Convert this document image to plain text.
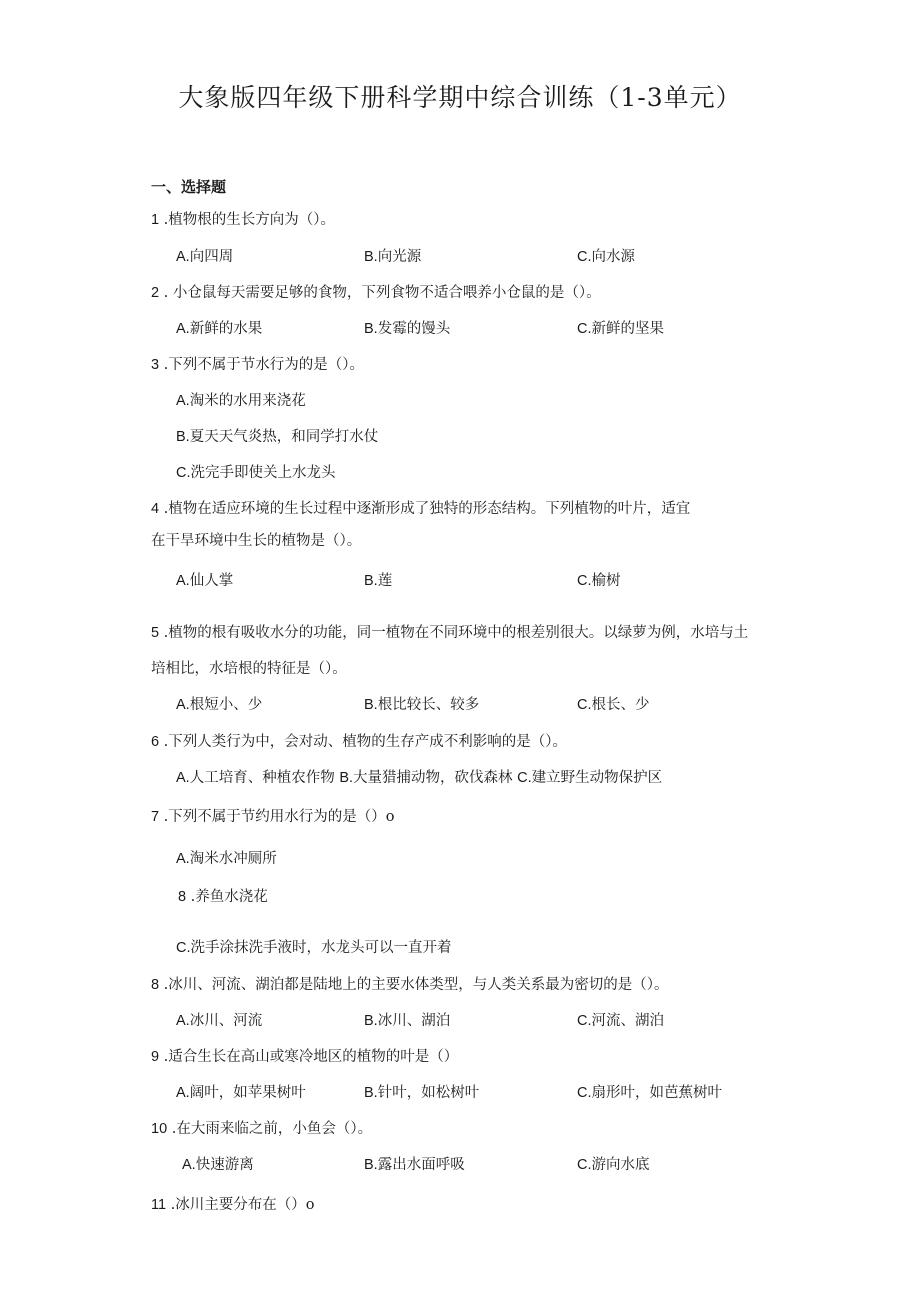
大象版四年级下册科学期中综合训练（1-3单元）
一、选择题
1 .植物根的生长方向为（）。
A.向四周	B.向光源	C.向水源
2 . 小仓鼠每天需要足够的食物，下列食物不适合喂养小仓鼠的是（）。
A.新鲜的水果	B.发霉的馒头	C.新鲜的坚果
3 .下列不属于节水行为的是（）。
A.淘米的水用来浇花
B.夏天天气炎热，和同学打水仗
C.洗完手即使关上水龙头
4 .植物在适应环境的生长过程中逐渐形成了独特的形态结构。下列植物的叶片，适宜
在干旱环境中生长的植物是（）。
A.仙人掌	B.莲	C.榆树
5 .植物的根有吸收水分的功能，同一植物在不同环境中的根差别很大。以绿萝为例，水培与土
培相比，水培根的特征是（）。
A.根短小、少	B.根比较长、较多	C.根长、少
6 .下列人类行为中，会对动、植物的生存产成不利影响的是（）。
A.人工培育、种植农作物 B.大量猎捕动物，砍伐森林 C.建立野生动物保护区
7 .下列不属于节约用水行为的是（）o
A.淘米水冲厕所
8 .养鱼水浇花
C.洗手涂抹洗手液时，水龙头可以一直开着
8 .冰川、河流、湖泊都是陆地上的主要水体类型，与人类关系最为密切的是（）。
A.冰川、河流	B.冰川、湖泊	C.河流、湖泊
9 .适合生长在高山或寒冷地区的植物的叶是（）
A.阔叶，如苹果树叶	B.针叶，如松树叶	C.扇形叶，如芭蕉树叶
10 .在大雨来临之前，小鱼会（）。
A.快速游离	B.露出水面呼吸	C.游向水底
11 .冰川主要分布在（）o
